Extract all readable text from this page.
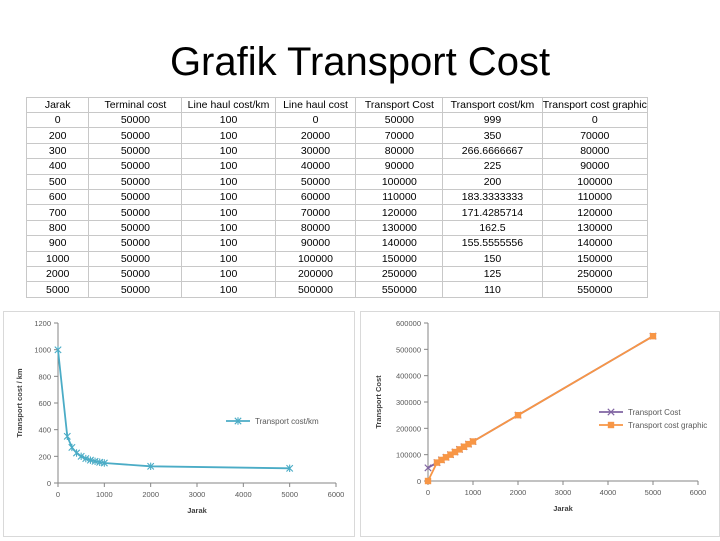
Grafik Transport Cost
Jarak	Terminal cost	Line haul cost/km	Line haul cost	Transport Cost	Transport cost/km	Transport cost graphic
0	50000	100	0	50000	999	0
200	50000	100	20000	70000	350	70000
300	50000	100	30000	80000	266.6666667	80000
400	50000	100	40000	90000	225	90000
500	50000	100	50000	100000	200	100000
600	50000	100	60000	110000	183.3333333	110000
700	50000	100	70000	120000	171.4285714	120000
800	50000	100	80000	130000	162.5	130000
900	50000	100	90000	140000	155.5555556	140000
1000	50000	100	100000	150000	150	150000
2000	50000	100	200000	250000	125	250000
5000	50000	100	500000	550000	110	550000
0
200
400
600
800
1000
1200
0	1000	2000	3000	4000	5000	6000
Jarak
Transport cost / km	Transport cost/km
0
100000
200000
300000
400000
500000
600000
0	1000	2000	3000	4000	5000	6000
Jarak
Transport Cost	Transport Cost
Transport cost graphic
